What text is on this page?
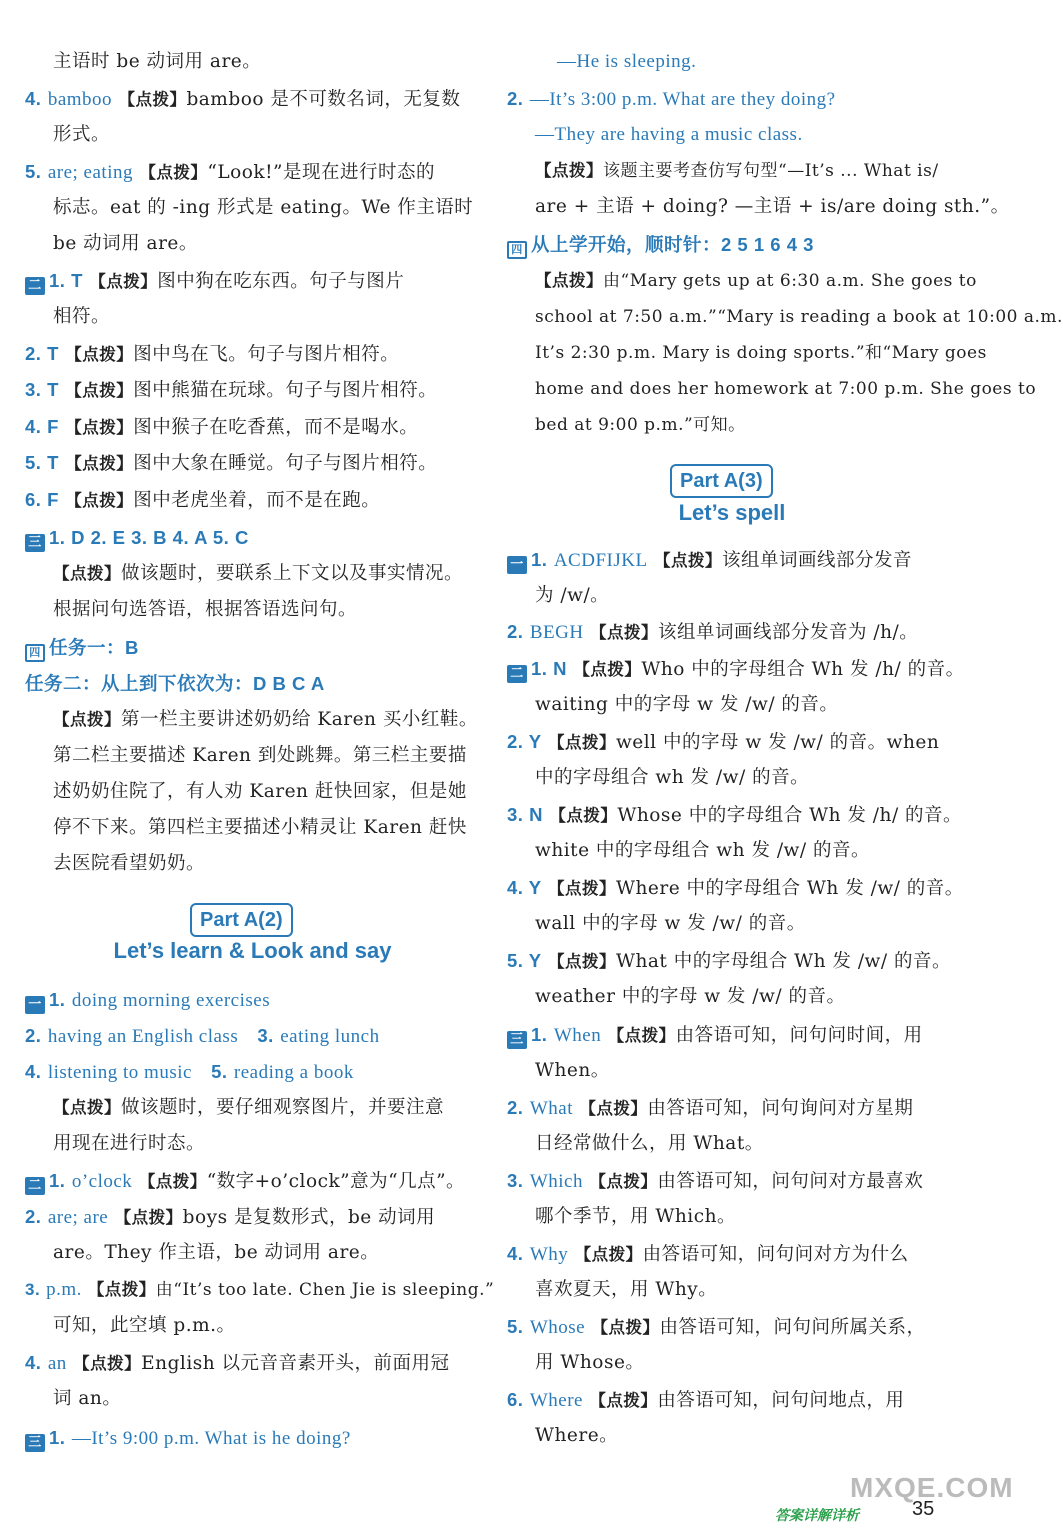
主语时 be 动词用 are。
4. bamboo 【点拨】bamboo 是不可数名词，无复数
形式。
5. are; eating 【点拨】“Look!”是现在进行时态的
标志。eat 的 -ing 形式是 eating。We 作主语时
be 动词用 are。
二 1. T 【点拨】图中狗在吃东西。句子与图片
相符。
2. T 【点拨】图中鸟在飞。句子与图片相符。
3. T 【点拨】图中熊猫在玩球。句子与图片相符。
4. F 【点拨】图中猴子在吃香蕉，而不是喝水。
5. T 【点拨】图中大象在睡觉。句子与图片相符。
6. F 【点拨】图中老虎坐着，而不是在跑。
三 1. D 2. E 3. B 4. A 5. C
【点拨】做该题时，要联系上下文以及事实情况。
根据问句选答语，根据答语选问句。
四 任务一：B
任务二：从上到下依次为：D B C A
【点拨】第一栏主要讲述奶奶给 Karen 买小红鞋。
第二栏主要描述 Karen 到处跳舞。第三栏主要描
述奶奶住院了，有人劝 Karen 赶快回家，但是她
停不下来。第四栏主要描述小精灵让 Karen 赶快
去医院看望奶奶。
Part A(2)
Let’s learn & Look and say
一 1. doing morning exercises
2. having an English class 3. eating lunch
4. listening to music 5. reading a book
【点拨】做该题时，要仔细观察图片，并要注意
用现在进行时态。
二 1. o’clock 【点拨】“数字+o’clock”意为“几点”。
2. are; are 【点拨】boys 是复数形式，be 动词用
are。They 作主语，be 动词用 are。
3. p.m. 【点拨】由“It’s too late. Chen Jie is sleeping.”
可知，此空填 p.m.。
4. an 【点拨】English 以元音音素开头，前面用冠
词 an。
三 1. —It’s 9:00 p.m. What is he doing?
—He is sleeping.
2. —It’s 3:00 p.m. What are they doing?
—They are having a music class.
【点拨】该题主要考查仿写句型“—It’s ... What is/
are + 主语 + doing? —主语 + is/are doing sth.”。
四 从上学开始，顺时针：2 5 1 6 4 3
【点拨】由“Mary gets up at 6:30 a.m. She goes to
school at 7:50 a.m.”“Mary is reading a book at 10:00 a.m.
It’s 2:30 p.m. Mary is doing sports.”和“Mary goes
home and does her homework at 7:00 p.m. She goes to
bed at 9:00 p.m.”可知。
Part A(3)
Let’s spell
一 1. ACDFIJKL 【点拨】该组单词画线部分发音
为 /w/。
2. BEGH 【点拨】该组单词画线部分发音为 /h/。
二 1. N 【点拨】Who 中的字母组合 Wh 发 /h/ 的音。
waiting 中的字母 w 发 /w/ 的音。
2. Y 【点拨】well 中的字母 w 发 /w/ 的音。when
中的字母组合 wh 发 /w/ 的音。
3. N 【点拨】Whose 中的字母组合 Wh 发 /h/ 的音。
white 中的字母组合 wh 发 /w/ 的音。
4. Y 【点拨】Where 中的字母组合 Wh 发 /w/ 的音。
wall 中的字母 w 发 /w/ 的音。
5. Y 【点拨】What 中的字母组合 Wh 发 /w/ 的音。
weather 中的字母 w 发 /w/ 的音。
三 1. When 【点拨】由答语可知，问句问时间，用
When。
2. What 【点拨】由答语可知，问句询问对方星期
日经常做什么，用 What。
3. Which 【点拨】由答语可知，问句问对方最喜欢
哪个季节，用 Which。
4. Why 【点拨】由答语可知，问句问对方为什么
喜欢夏天，用 Why。
5. Whose 【点拨】由答语可知，问句问所属关系，
用 Whose。
6. Where 【点拨】由答语可知，问句问地点，用
Where。
MXQE.COM
答案详解详析	35
